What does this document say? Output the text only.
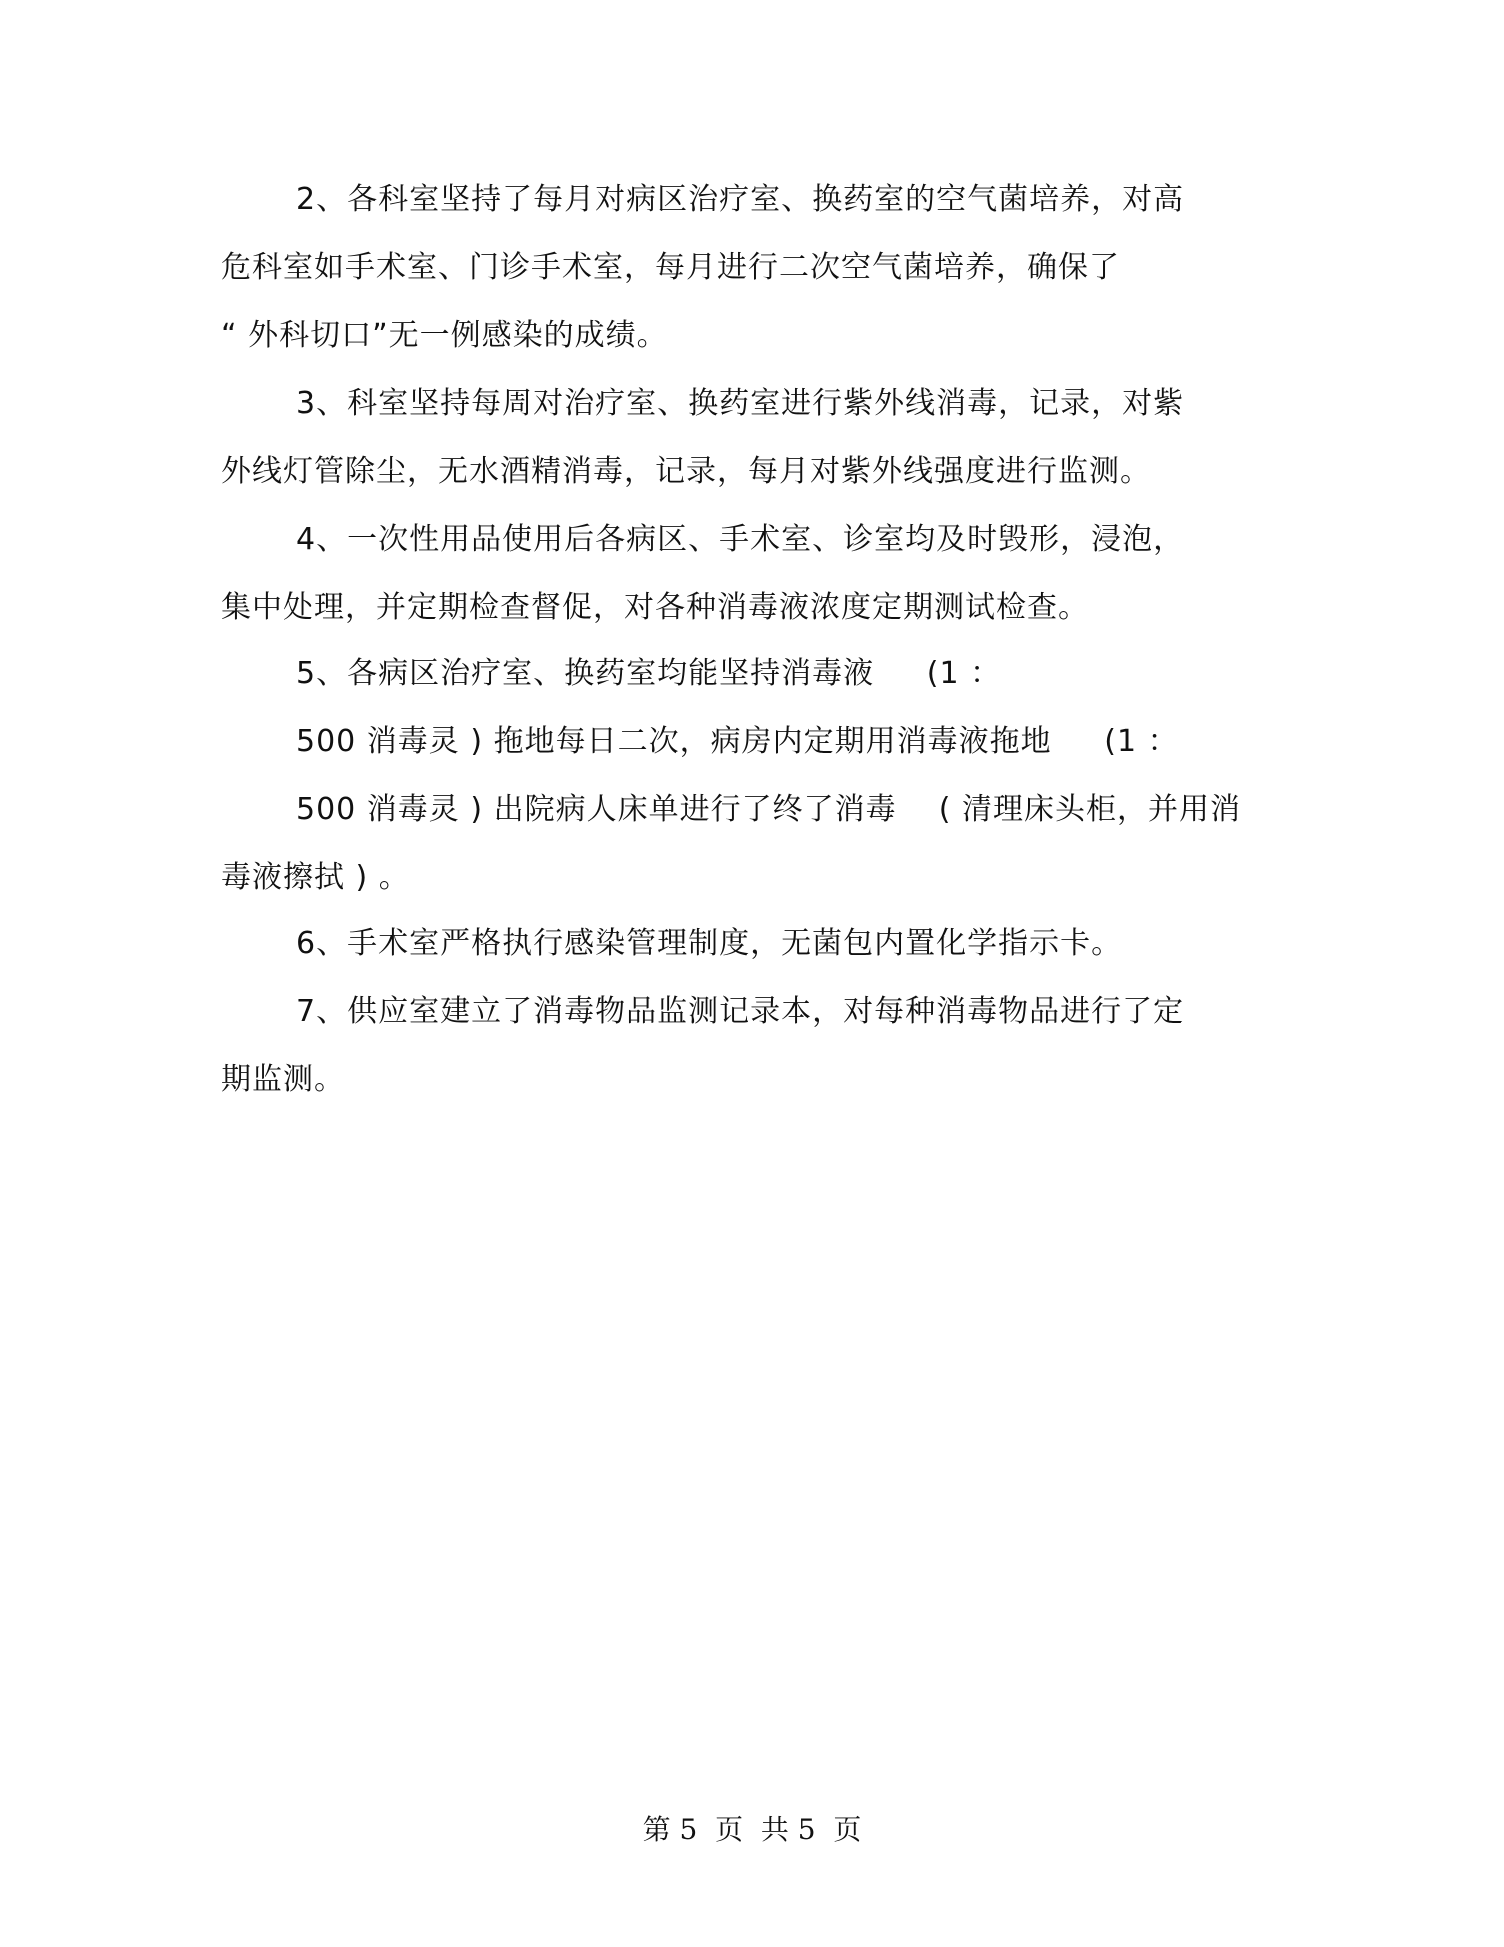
2、各科室坚持了每月对病区治疗室、换药室的空气菌培养，对高
危科室如手术室、门诊手术室，每月进行二次空气菌培养，确保了
“ 外科切口”无一例感染的成绩。
3、科室坚持每周对治疗室、换药室进行紫外线消毒，记录，对紫
外线灯管除尘，无水酒精消毒，记录，每月对紫外线强度进行监测。
4、一次性用品使用后各病区、手术室、诊室均及时毁形，浸泡，
集中处理，并定期检查督促，对各种消毒液浓度定期测试检查。
5、各病区治疗室、换药室均能坚持消毒液     (1 ：
500 消毒灵 ) 拖地每日二次，病房内定期用消毒液拖地     (1 ：
500 消毒灵 ) 出院病人床单进行了终了消毒    ( 清理床头柜，并用消
毒液擦拭 ) 。
6、手术室严格执行感染管理制度，无菌包内置化学指示卡。
7、供应室建立了消毒物品监测记录本，对每种消毒物品进行了定
期监测。
第 5  页  共 5  页
